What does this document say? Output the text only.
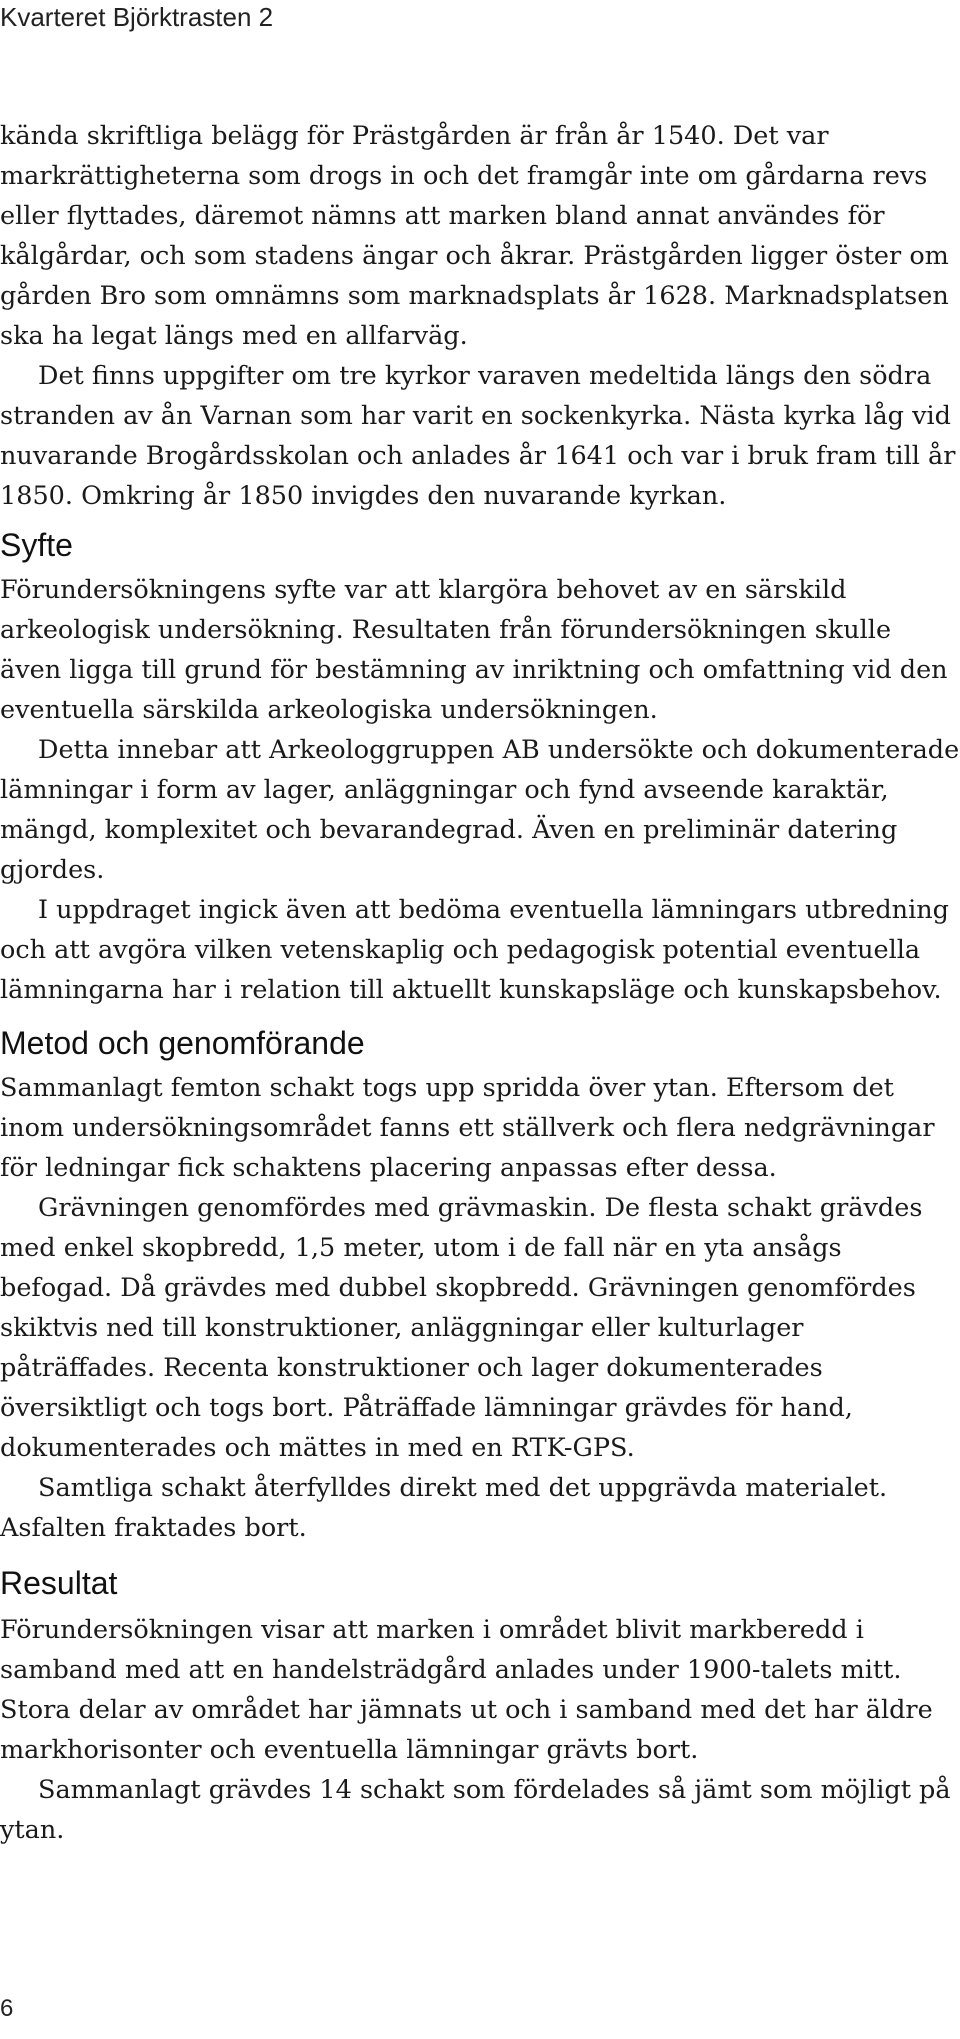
Kvarteret Björktrasten 2

kända skriftliga belägg för Prästgården är från år 1540. Det var markrättigheterna som drogs in och det framgår inte om gårdarna revs eller flyttades, däremot nämns att marken bland annat användes för kålgårdar, och som stadens ängar och åkrar. Prästgården ligger öster om gården Bro som omnämns som marknadsplats år 1628. Marknadsplatsen ska ha legat längs med en allfarväg.

Det finns uppgifter om tre kyrkor varaven medeltida längs den södra stranden av ån Varnan som har varit en sockenkyrka. Nästa kyrka låg vid nuvarande Brogårdsskolan och anlades år 1641 och var i bruk fram till år 1850. Omkring år 1850 invigdes den nuvarande kyrkan.

Syfte

Förundersökningens syfte var att klargöra behovet av en särskild arkeologisk undersökning. Resultaten från förundersökningen skulle även ligga till grund för bestämning av inriktning och omfattning vid den eventuella särskilda arkeologiska undersökningen.

Detta innebar att Arkeologgruppen AB undersökte och dokumenterade lämningar i form av lager, anläggningar och fynd avseende karaktär, mängd, komplexitet och bevarandegrad. Även en preliminär datering gjordes.

I uppdraget ingick även att bedöma eventuella lämningars utbredning och att avgöra vilken vetenskaplig och pedagogisk potential eventuella lämningarna har i relation till aktuellt kunskapsläge och kunskapsbehov.

Metod och genomförande

Sammanlagt femton schakt togs upp spridda över ytan. Eftersom det inom undersökningsområdet fanns ett ställverk och flera nedgrävningar för ledningar fick schaktens placering anpassas efter dessa.

Grävningen genomfördes med grävmaskin. De flesta schakt grävdes med enkel skopbredd, 1,5 meter, utom i de fall när en yta ansågs befogad. Då grävdes med dubbel skopbredd. Grävningen genomfördes skiktvis ned till konstruktioner, anläggningar eller kulturlager påträffades. Recenta konstruktioner och lager dokumenterades översiktligt och togs bort. Påträffade lämningar grävdes för hand, dokumenterades och mättes in med en RTK-GPS.

Samtliga schakt återfylldes direkt med det uppgrävda materialet. Asfalten fraktades bort.

Resultat

Förundersökningen visar att marken i området blivit markberedd i samband med att en handelsträdgård anlades under 1900-talets mitt. Stora delar av området har jämnats ut och i samband med det har äldre markhorisonter och eventuella lämningar grävts bort.

Sammanlagt grävdes 14 schakt som fördelades så jämt som möjligt på ytan.

6
